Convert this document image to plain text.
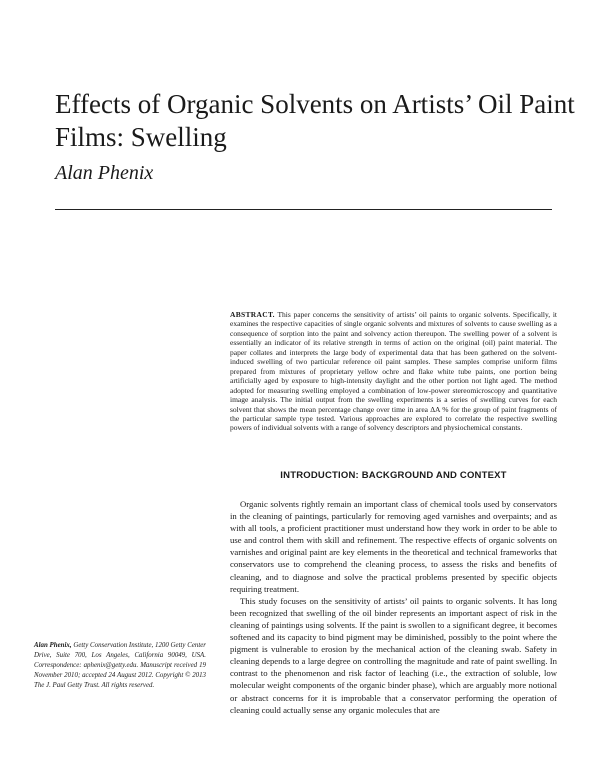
Effects of Organic Solvents on Artists’ Oil Paint Films: Swelling

Alan Phenix

ABSTRACT. This paper concerns the sensitivity of artists’ oil paints to organic solvents. Specifically, it examines the respective capacities of single organic solvents and mixtures of solvents to cause swelling as a consequence of sorption into the paint and solvency action thereupon. The swelling power of a solvent is essentially an indicator of its relative strength in terms of action on the original (oil) paint material. The paper collates and interprets the large body of experimental data that has been gathered on the solvent-induced swelling of two particular reference oil paint samples. These samples comprise uniform films prepared from mixtures of proprietary yellow ochre and flake white tube paints, one portion being artificially aged by exposure to high-intensity daylight and the other portion not light aged. The method adopted for measuring swelling employed a combination of low-power stereomicroscopy and quantitative image analysis. The initial output from the swelling experiments is a series of swelling curves for each solvent that shows the mean percentage change over time in area ΔA % for the group of paint fragments of the particular sample type tested. Various approaches are explored to correlate the respective swelling powers of individual solvents with a range of solvency descriptors and physiochemical constants.

INTRODUCTION: BACKGROUND AND CONTEXT

Organic solvents rightly remain an important class of chemical tools used by conservators in the cleaning of paintings, particularly for removing aged varnishes and overpaints; and as with all tools, a proficient practitioner must understand how they work in order to be able to use and control them with skill and refinement. The respective effects of organic solvents on varnishes and original paint are key elements in the theoretical and technical frameworks that conservators use to comprehend the cleaning process, to assess the risks and benefits of cleaning, and to diagnose and solve the practical problems presented by specific objects requiring treatment.

This study focuses on the sensitivity of artists’ oil paints to organic solvents. It has long been recognized that swelling of the oil binder represents an important aspect of risk in the cleaning of paintings using solvents. If the paint is swollen to a significant degree, it becomes softened and its capacity to bind pigment may be diminished, possibly to the point where the pigment is vulnerable to erosion by the mechanical action of the cleaning swab. Safety in cleaning depends to a large degree on controlling the magnitude and rate of paint swelling. In contrast to the phenomenon and risk factor of leaching (i.e., the extraction of soluble, low molecular weight components of the organic binder phase), which are arguably more notional or abstract concerns for it is improbable that a conservator performing the operation of cleaning could actually sense any organic molecules that are

Alan Phenix, Getty Conservation Institute, 1200 Getty Center Drive, Suite 700, Los Angeles, California 90049, USA. Correspondence: aphenix@getty.edu. Manuscript received 19 November 2010; accepted 24 August 2012. Copyright © 2013 The J. Paul Getty Trust. All rights reserved.
